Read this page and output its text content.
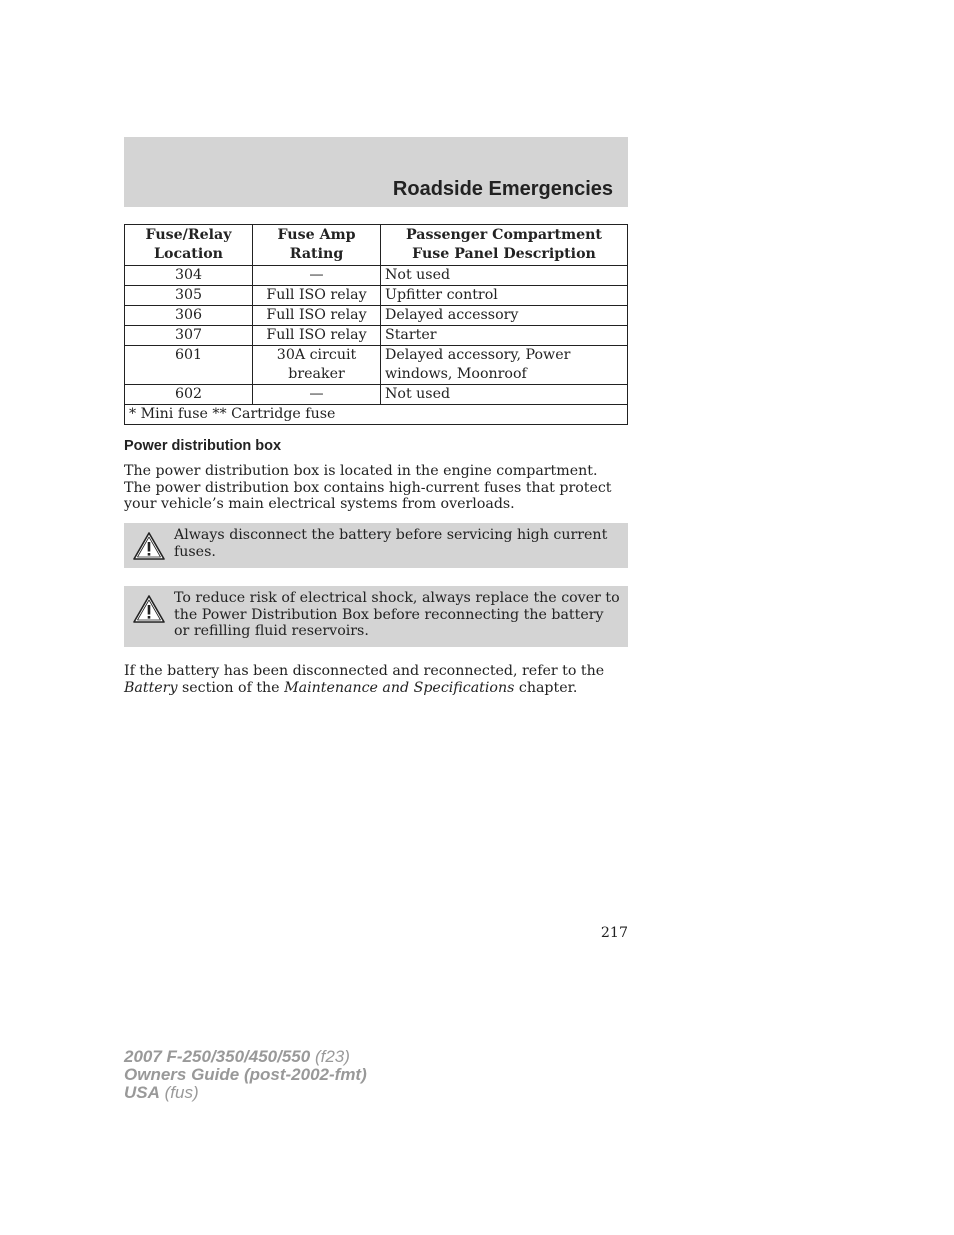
Roadside Emergencies
Fuse/Relay Location	Fuse Amp Rating	Passenger Compartment Fuse Panel Description
304	—	Not used
305	Full ISO relay	Upfitter control
306	Full ISO relay	Delayed accessory
307	Full ISO relay	Starter
601	30A circuit breaker	Delayed accessory, Power windows, Moonroof
602	—	Not used
* Mini fuse ** Cartridge fuse		
Power distribution box
The power distribution box is located in the engine compartment. The power distribution box contains high-current fuses that protect your vehicle’s main electrical systems from overloads.
Always disconnect the battery before servicing high current fuses.
To reduce risk of electrical shock, always replace the cover to the Power Distribution Box before reconnecting the battery or refilling fluid reservoirs.
If the battery has been disconnected and reconnected, refer to the Battery section of the Maintenance and Specifications chapter.
217
2007 F-250/350/450/550 (f23)
Owners Guide (post-2002-fmt)
USA (fus)
